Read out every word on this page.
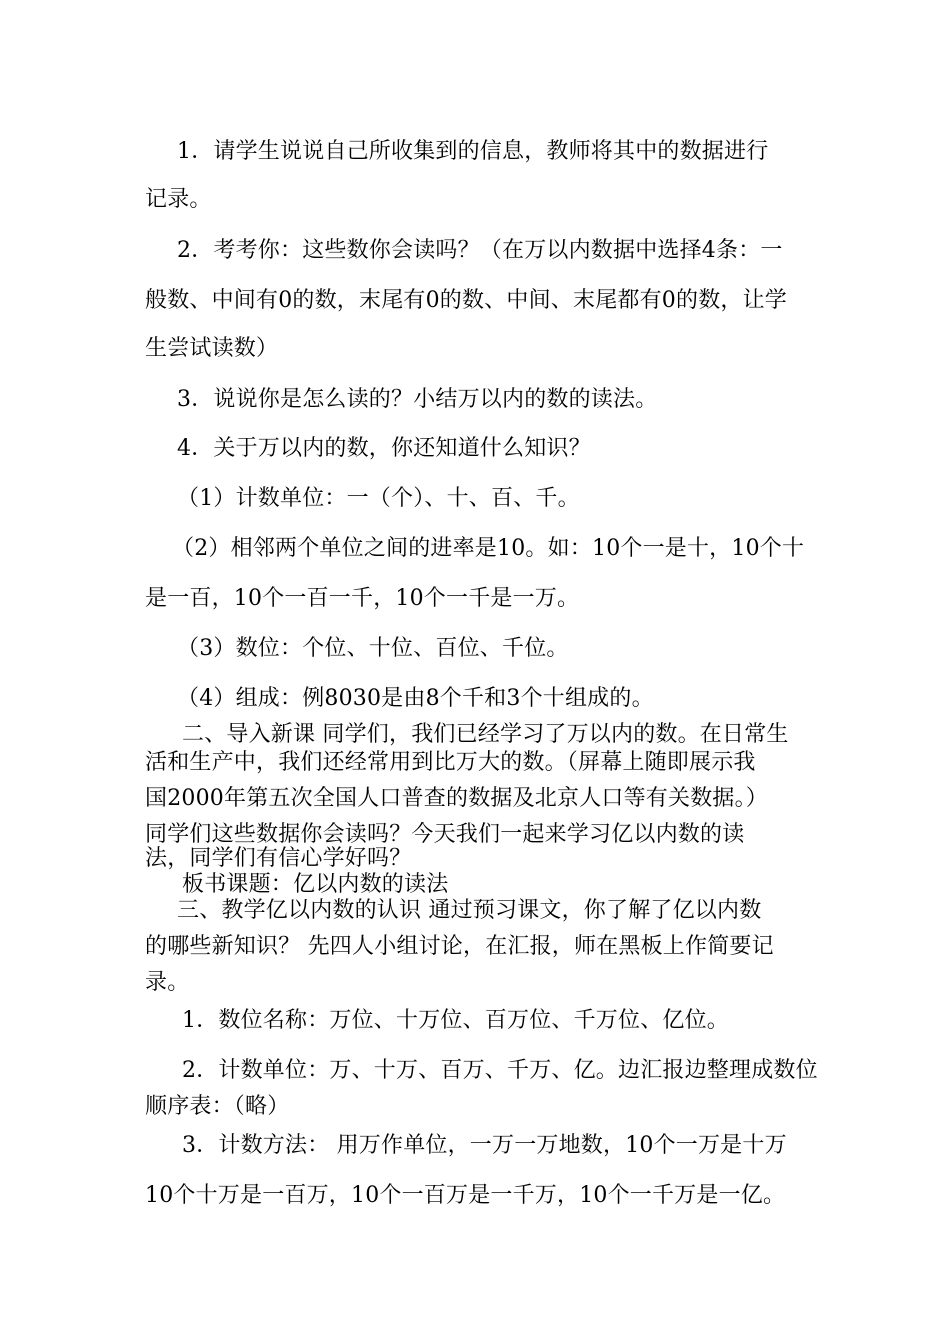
1．请学生说说自己所收集到的信息，教师将其中的数据进行
记录。
2．考考你：这些数你会读吗？（在万以内数据中选择4条：一
般数、中间有0的数，末尾有0的数、中间、末尾都有0的数，让学
生尝试读数）
3．说说你是怎么读的？小结万以内的数的读法。
4．关于万以内的数，你还知道什么知识？
（1）计数单位：一（个）、十、百、千。
（2）相邻两个单位之间的进率是10。如：10个一是十，10个十
是一百，10个一百一千，10个一千是一万。
（3）数位：个位、十位、百位、千位。
（4）组成：例8030是由8个千和3个十组成的。
二、导入新课 同学们，我们已经学习了万以内的数。在日常生
活和生产中，我们还经常用到比万大的数。（屏幕上随即展示我
国2000年第五次全国人口普查的数据及北京人口等有关数据。）
同学们这些数据你会读吗？今天我们一起来学习亿以内数的读
法，同学们有信心学好吗？
板书课题：亿以内数的读法
三、教学亿以内数的认识 通过预习课文，你了解了亿以内数
的哪些新知识？ 先四人小组讨论，在汇报，师在黑板上作简要记
录。
1．数位名称：万位、十万位、百万位、千万位、亿位。
2．计数单位：万、十万、百万、千万、亿。边汇报边整理成数位
顺序表：（略）
3．计数方法： 用万作单位，一万一万地数，10个一万是十万
10个十万是一百万，10个一百万是一千万，10个一千万是一亿。
